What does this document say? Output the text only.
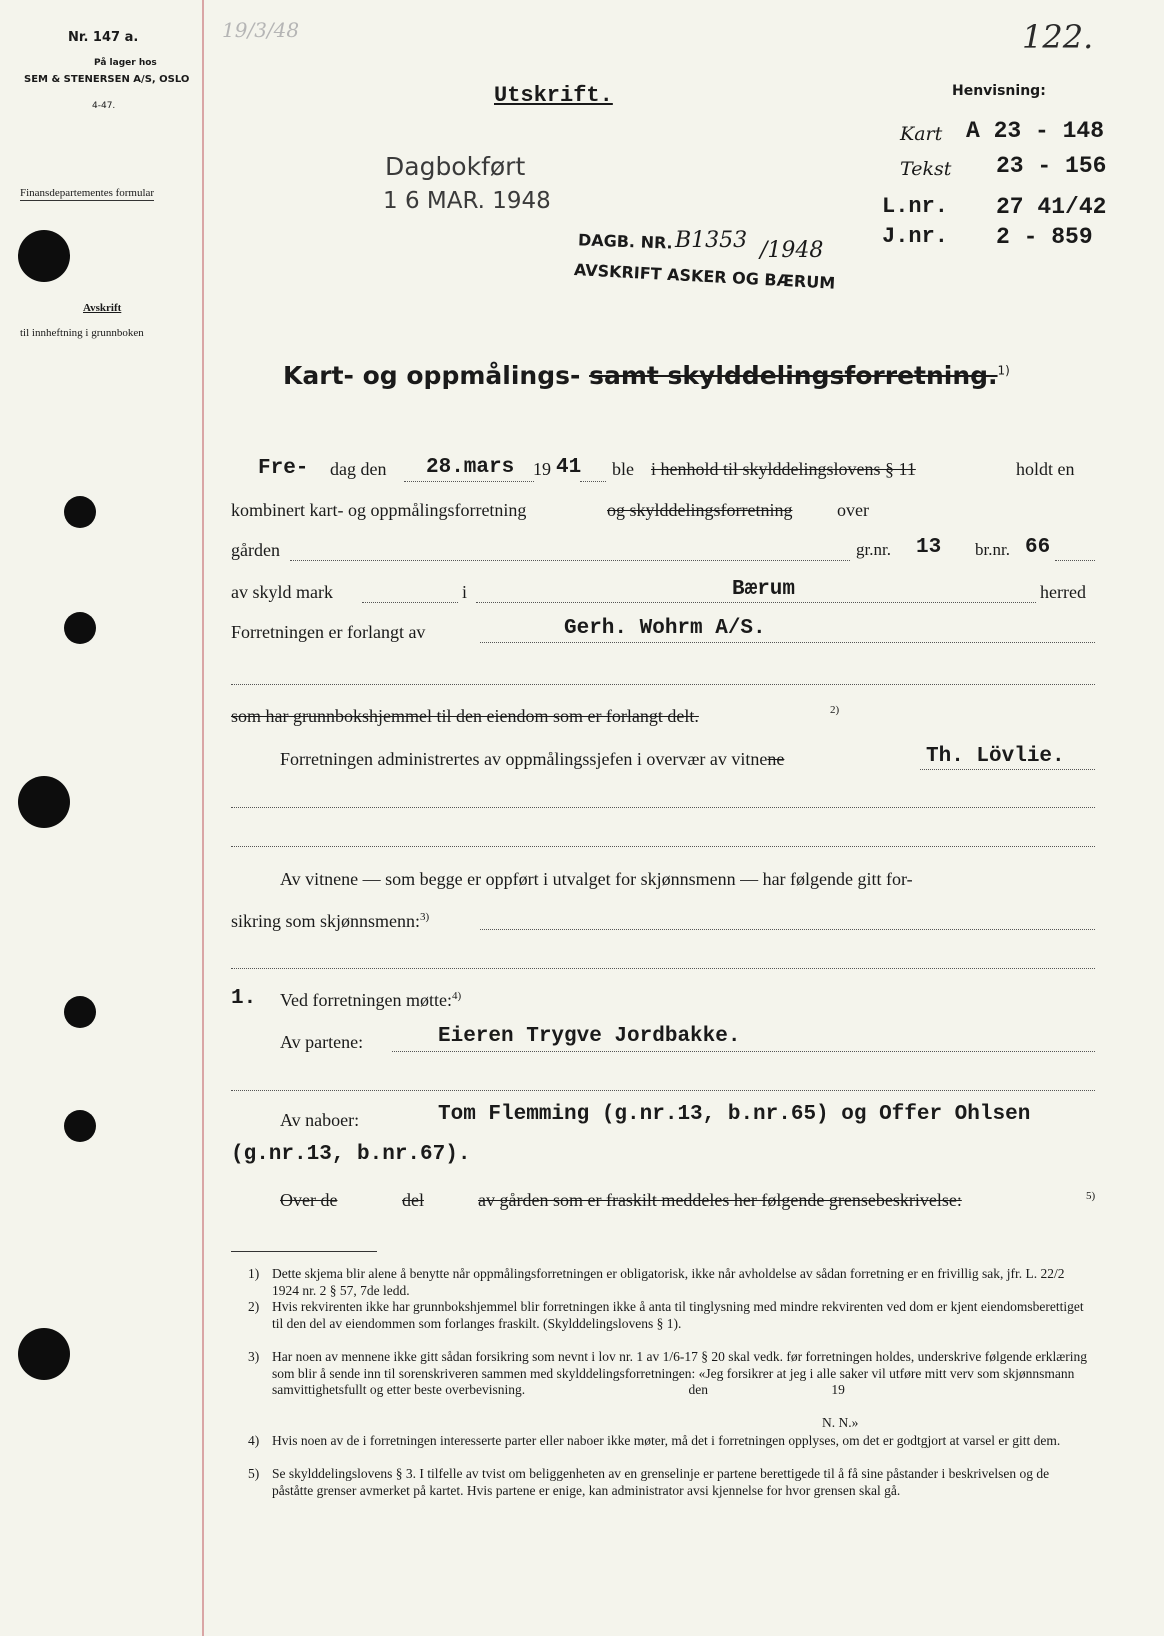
Nr. 147 a.
På lager hos
SEM & STENERSEN A/S, OSLO
4-47.
Finansdepartementes formular
Avskrift
til innheftning i grunnboken
19/3/48	122.
Utskrift.
Dagbokført
1 6 MAR. 1948
DAGB. NR. B1353 /1948
AVSKRIFT ASKER OG BÆRUM
Henvisning:
Kart A 23 - 148
Tekst 23 - 156
L.nr. 27 41/42
J.nr. 2 - 859
Kart- og oppmålings- samt skylddelingsforretning.$^{1)}$
Fre- dag den 28.mars 19 41 ble i henhold til skylddelingslovens § 11	holdt en
kombinert kart- og oppmålingsforretning	og skylddelingsforretning over
gården	gr.nr. 13 br.nr. 66
av skyld mark	i	Bærum	herred
Forretningen er forlangt av	Gerh. Wohrm A/S.
som har grunnbokshjemmel til den eiendom som er forlangt delt.	2)
Forretningen administrertes av oppmålingssjefen i overvær av vitnene	Th. Lövlie.
Av vitnene — som begge er oppført i utvalget for skjønnsmenn — har følgende gitt for-
sikring som skjønnsmenn:$^{3)}$
1. Ved forretningen møtte:$^{4)}$
Av partene:	Eieren Trygve Jordbakke.
Av naboer:	Tom Flemming (g.nr.13, b.nr.65) og Offer Ohlsen
(g.nr.13, b.nr.67).
Over de	del	av gården som er fraskilt meddeles her følgende grensebeskrivelse:	5)
1) Dette skjema blir alene å benytte når oppmålingsforretningen er obligatorisk, ikke når avholdelse av sådan forretning er en frivillig sak, jfr. L. 22/2 1924 nr. 2 § 57, 7de ledd.
2) Hvis rekvirenten ikke har grunnbokshjemmel blir forretningen ikke å anta til tinglysning med mindre rekvirenten ved dom er kjent eiendomsberettiget til den del av eiendommen som forlanges fraskilt. (Skylddelingslovens § 1).
3) Har noen av mennene ikke gitt sådan forsikring som nevnt i lov nr. 1 av 1/6-17 § 20 skal vedk. før forretningen holdes, underskrive følgende erklæring som blir å sende inn til sorenskriveren sammen med skylddelingsforretningen: «Jeg forsikrer at jeg i alle saker vil utføre mitt verv som skjønnsmann samvittighetsfullt og etter beste overbevisning.	den	19
N. N.»
4) Hvis noen av de i forretningen interesserte parter eller naboer ikke møter, må det i forretningen opplyses, om det er godtgjort at varsel er gitt dem.
5) Se skylddelingslovens § 3. I tilfelle av tvist om beliggenheten av en grenselinje er partene berettigede til å få sine påstander i beskrivelsen og de påståtte grenser avmerket på kartet. Hvis partene er enige, kan administrator avsi kjennelse for hvor grensen skal gå.
